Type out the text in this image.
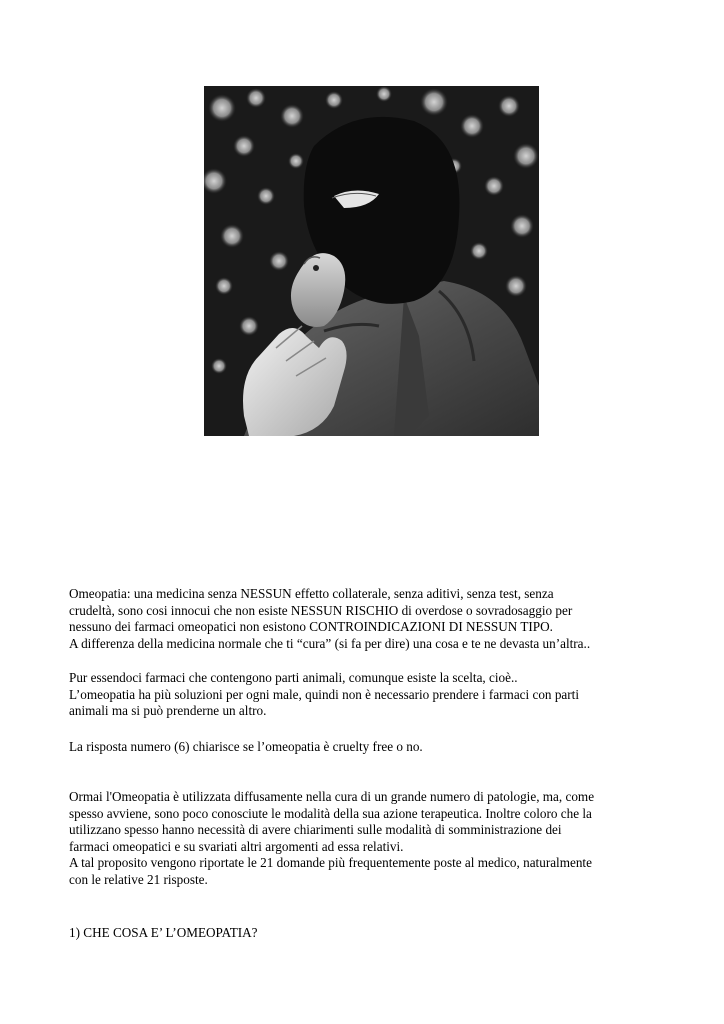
Omeopatia: una medicina senza NESSUN effetto collaterale, senza aditivi, senza test, senza

crudeltà, sono cosi innocui che non esiste NESSUN RISCHIO di overdose o sovradosaggio per

nessuno dei farmaci omeopatici non esistono CONTROINDICAZIONI DI NESSUN TIPO.

A differenza della medicina normale che ti “cura” (si fa per dire) una cosa e te ne devasta un’altra..

Pur essendoci farmaci che contengono parti animali, comunque esiste la scelta, cioè..

L’omeopatia ha più soluzioni per ogni male, quindi non è necessario prendere i farmaci con parti

animali ma si può prenderne un altro.

La risposta numero (6) chiarisce se l’omeopatia è cruelty free o no.

Ormai l'Omeopatia è utilizzata diffusamente nella cura di un grande numero di patologie, ma, come

spesso avviene, sono poco conosciute le modalità della sua azione terapeutica. Inoltre coloro che la

utilizzano spesso hanno necessità di avere chiarimenti sulle modalità di somministrazione dei

farmaci omeopatici e su svariati altri argomenti ad essa relativi.

A tal proposito vengono riportate le 21 domande più frequentemente poste al medico, naturalmente

con le relative 21 risposte.

1) CHE COSA E’ L’OMEOPATIA?
